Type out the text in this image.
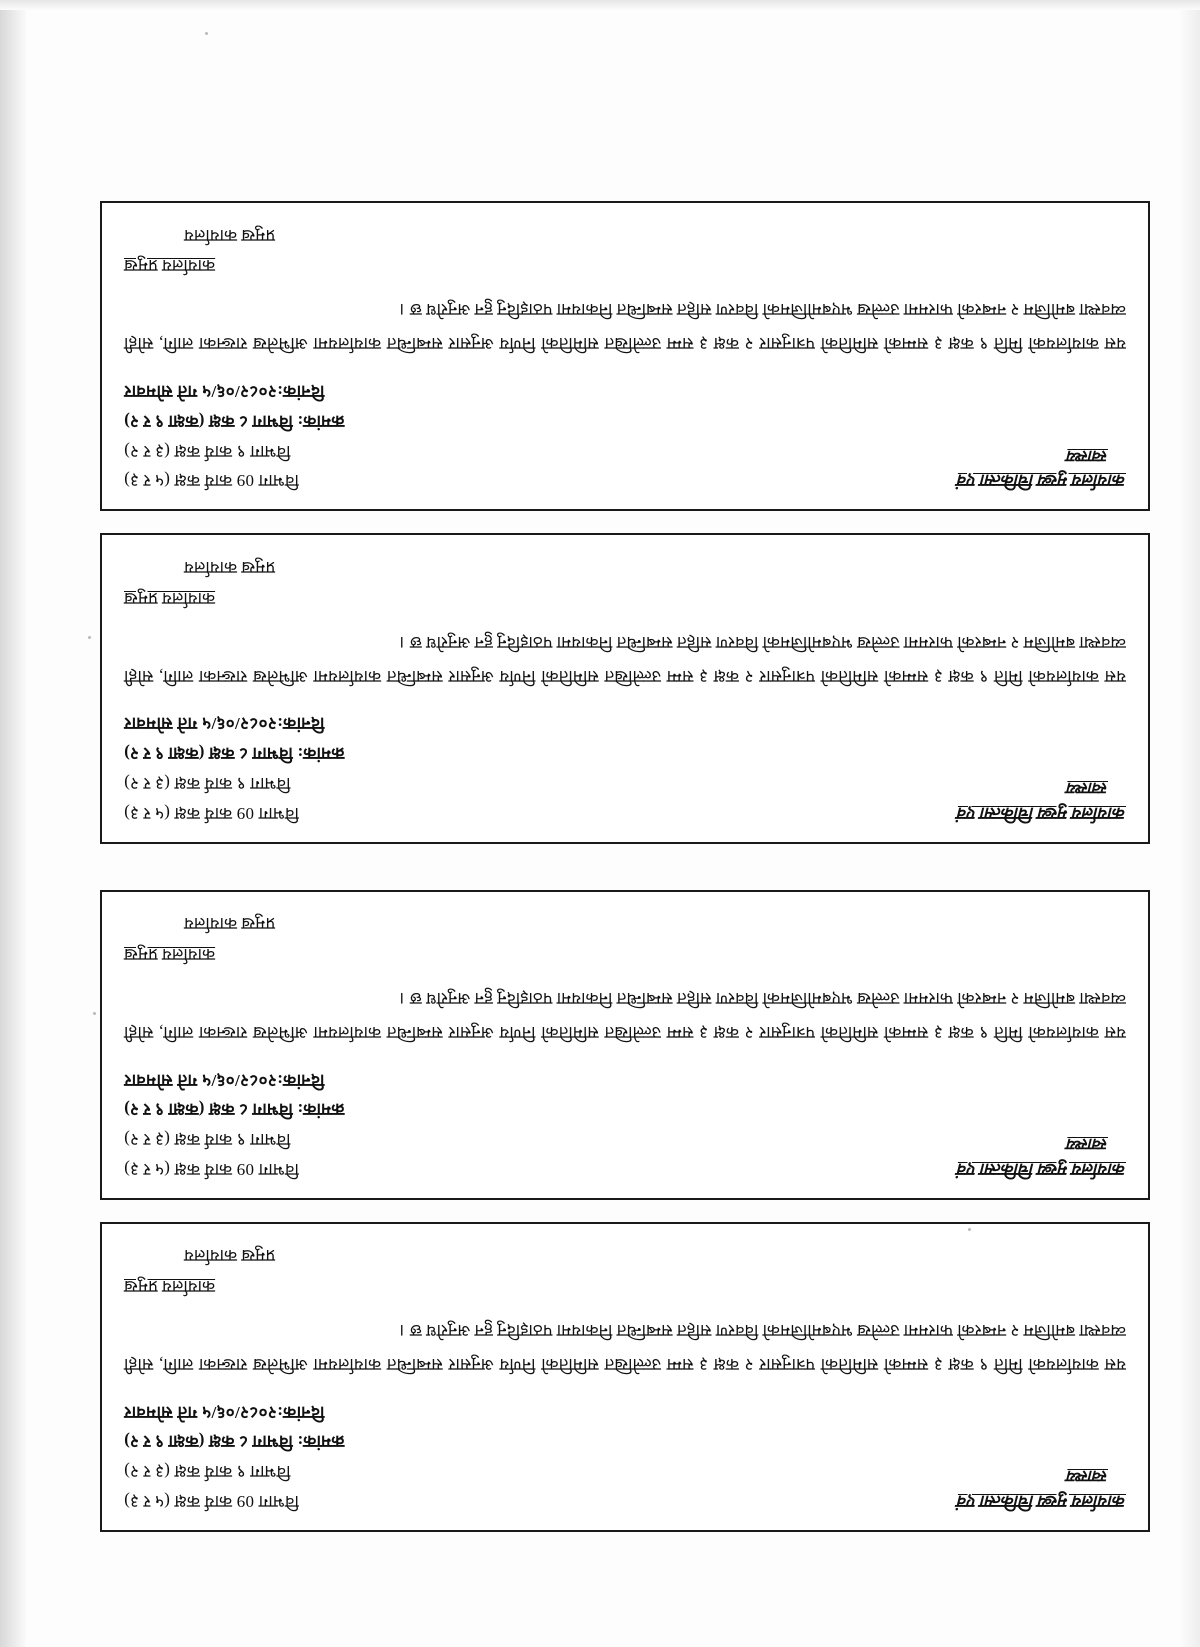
कार्यालय मुख्य चिकित्सा एवं
स्वास्थ्य
विभाग 09 कार्य कक्ष (५ र ३)
विभाग ९ कार्य कक्ष (३ र २)
क्रमांक: विभाग ८ कक्ष (कक्षा ९ र २)
दिनांक:२०८२/०६/५ गते सोमवार
यस कार्यालयको मिति ९ कक्ष ३ सम्मको समितिको पत्रानुसार २ कक्ष ३ सम्म उल्लेखित समितिको निर्णय अनुसार सम्बन्धित कार्यालयमा अभिलेख राख्नका लागि, सोही व्यवस्था बमोजिम २ नम्बरको फारममा उल्लेख भएबमोजिमको विवरण सहित सम्बन्धित निकायमा पठाइदिनु हुन अनुरोध छ ।
कार्यालय प्रमुख
प्रमुख कार्यालय
कार्यालय मुख्य चिकित्सा एवं
स्वास्थ्य
विभाग 09 कार्य कक्ष (५ र ३)
विभाग ९ कार्य कक्ष (३ र २)
क्रमांक: विभाग ८ कक्ष (कक्षा ९ र २)
दिनांक:२०८२/०६/५ गते सोमवार
यस कार्यालयको मिति ९ कक्ष ३ सम्मको समितिको पत्रानुसार २ कक्ष ३ सम्म उल्लेखित समितिको निर्णय अनुसार सम्बन्धित कार्यालयमा अभिलेख राख्नका लागि, सोही व्यवस्था बमोजिम २ नम्बरको फारममा उल्लेख भएबमोजिमको विवरण सहित सम्बन्धित निकायमा पठाइदिनु हुन अनुरोध छ ।
कार्यालय प्रमुख
प्रमुख कार्यालय
कार्यालय मुख्य चिकित्सा एवं
स्वास्थ्य
विभाग 09 कार्य कक्ष (५ र ३)
विभाग ९ कार्य कक्ष (३ र २)
क्रमांक: विभाग ८ कक्ष (कक्षा ९ र २)
दिनांक:२०८२/०६/५ गते सोमवार
यस कार्यालयको मिति ९ कक्ष ३ सम्मको समितिको पत्रानुसार २ कक्ष ३ सम्म उल्लेखित समितिको निर्णय अनुसार सम्बन्धित कार्यालयमा अभिलेख राख्नका लागि, सोही व्यवस्था बमोजिम २ नम्बरको फारममा उल्लेख भएबमोजिमको विवरण सहित सम्बन्धित निकायमा पठाइदिनु हुन अनुरोध छ ।
कार्यालय प्रमुख
प्रमुख कार्यालय
कार्यालय मुख्य चिकित्सा एवं
स्वास्थ्य
विभाग 09 कार्य कक्ष (५ र ३)
विभाग ९ कार्य कक्ष (३ र २)
क्रमांक: विभाग ८ कक्ष (कक्षा ९ र २)
दिनांक:२०८२/०६/५ गते सोमवार
यस कार्यालयको मिति ९ कक्ष ३ सम्मको समितिको पत्रानुसार २ कक्ष ३ सम्म उल्लेखित समितिको निर्णय अनुसार सम्बन्धित कार्यालयमा अभिलेख राख्नका लागि, सोही व्यवस्था बमोजिम २ नम्बरको फारममा उल्लेख भएबमोजिमको विवरण सहित सम्बन्धित निकायमा पठाइदिनु हुन अनुरोध छ ।
कार्यालय प्रमुख
प्रमुख कार्यालय
